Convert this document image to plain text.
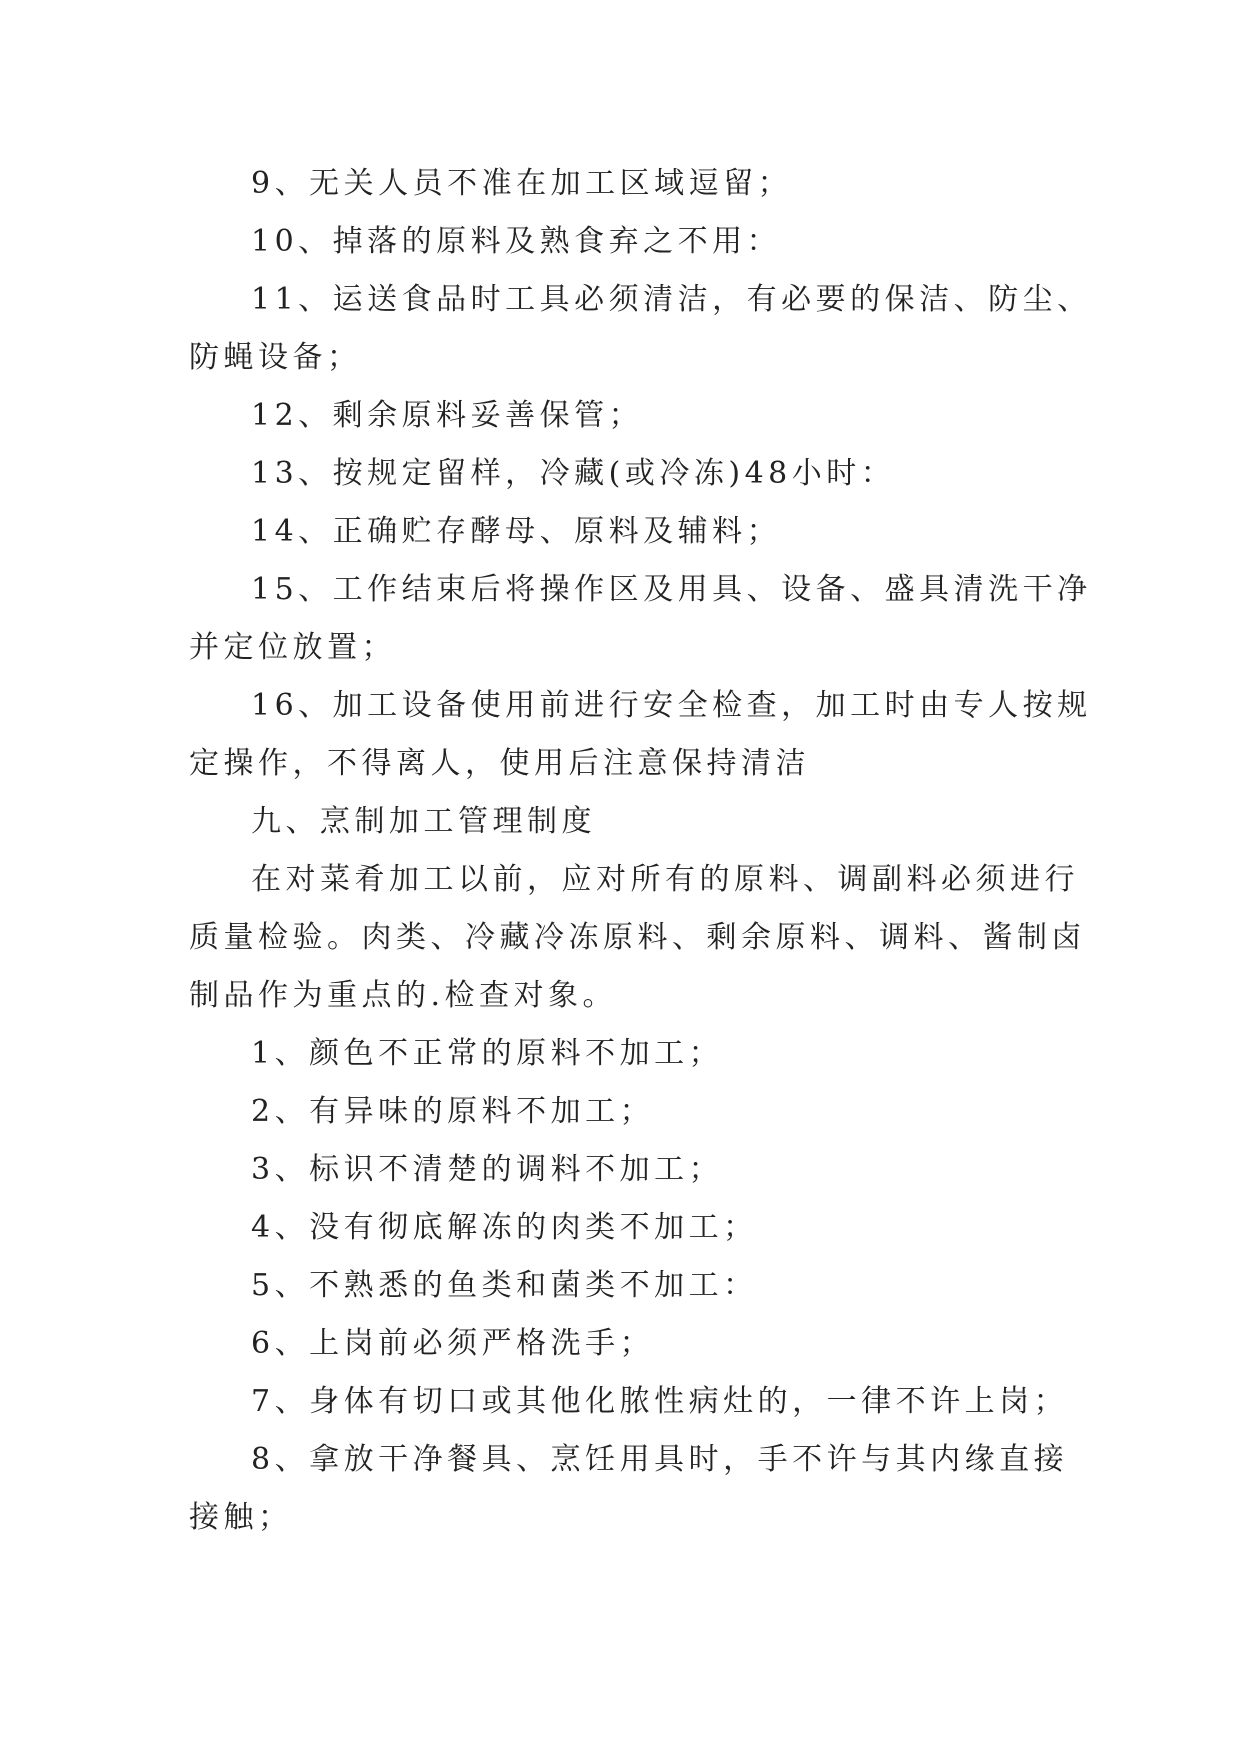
9、无关人员不准在加工区域逗留；
10、掉落的原料及熟食弃之不用：
11、运送食品时工具必须清洁，有必要的保洁、防尘、
防蝇设备；
12、剩余原料妥善保管；
13、按规定留样，冷藏(或冷冻)48小时：
14、正确贮存酵母、原料及辅料；
15、工作结束后将操作区及用具、设备、盛具清洗干净
并定位放置；
16、加工设备使用前进行安全检查，加工时由专人按规
定操作，不得离人，使用后注意保持清洁
九、烹制加工管理制度
在对菜肴加工以前，应对所有的原料、调副料必须进行
质量检验。肉类、冷藏冷冻原料、剩余原料、调料、酱制卤
制品作为重点的.检查对象。
1、颜色不正常的原料不加工；
2、有异味的原料不加工；
3、标识不清楚的调料不加工；
4、没有彻底解冻的肉类不加工；
5、不熟悉的鱼类和菌类不加工：
6、上岗前必须严格洗手；
7、身体有切口或其他化脓性病灶的，一律不许上岗；
8、拿放干净餐具、烹饪用具时，手不许与其内缘直接
接触；
